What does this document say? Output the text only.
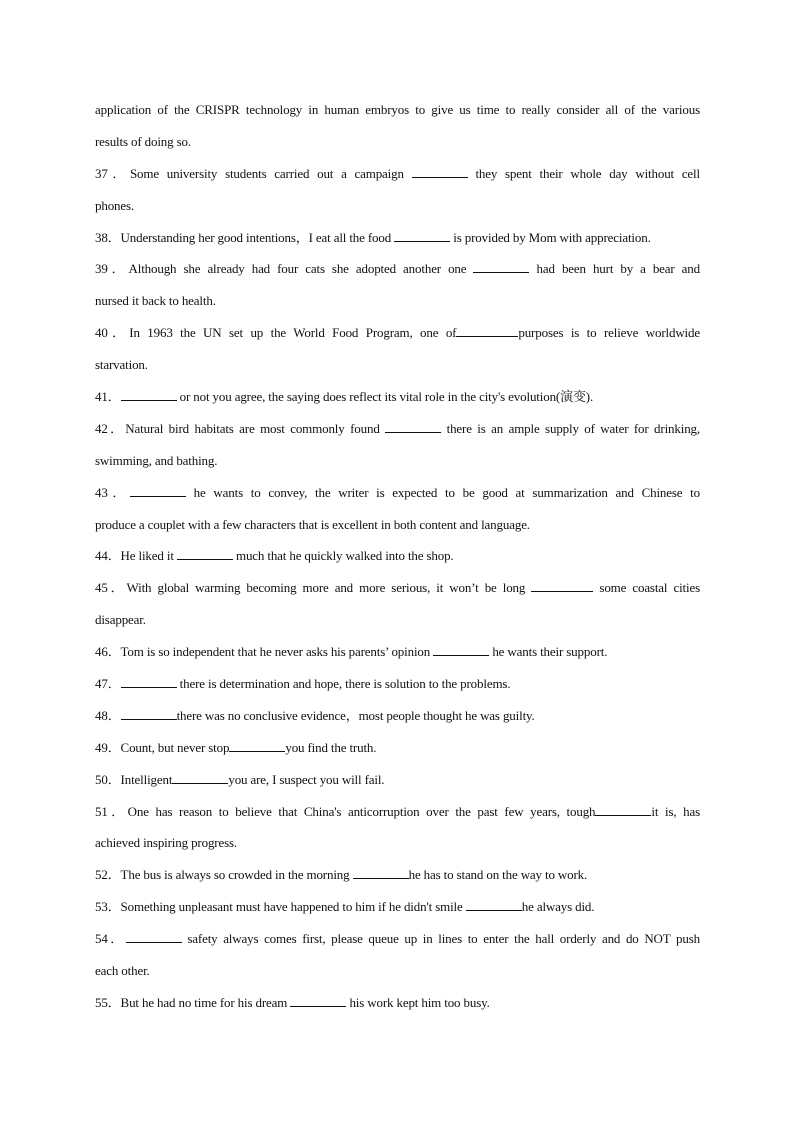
application of the CRISPR technology in human embryos to give us time to really consider all of the various
results of doing so.
37．Some university students carried out a campaign	they spent their whole day without cell
phones.
38．Understanding her good intentions，I eat all the food	is provided by Mom with appreciation.
39．Although she already had four cats she adopted another one	had been hurt by a bear and
nursed it back to health.
40．In 1963 the UN set up the World Food Program, one of	purposes is to relieve worldwide
starvation.
41．	or not you agree, the saying does reflect its vital role in the city's evolution(演变).
42．Natural bird habitats are most commonly found	there is an ample supply of water for drinking,
swimming, and bathing.
43．	he wants to convey, the writer is expected to be good at summarization and Chinese to
produce a couplet with a few characters that is excellent in both content and language.
44．He liked it	much that he quickly walked into the shop.
45．With global warming becoming more and more serious, it won’t be long	some coastal cities
disappear.
46．Tom is so independent that he never asks his parents’ opinion	he wants their support.
47．	there is determination and hope, there is solution to the problems.
48．	there was no conclusive evidence，most people thought he was guilty.
49．Count, but never stop	you find the truth.
50．Intelligent	you are, I suspect you will fail.
51．One has reason to believe that China's anticorruption over the past few years, tough	it is, has
achieved inspiring progress.
52．The bus is always so crowded in the morning	he has to stand on the way to work.
53．Something unpleasant must have happened to him if he didn't smile	he always did.
54．	safety always comes first, please queue up in lines to enter the hall orderly and do NOT push
each other.
55．But he had no time for his dream	his work kept him too busy.
